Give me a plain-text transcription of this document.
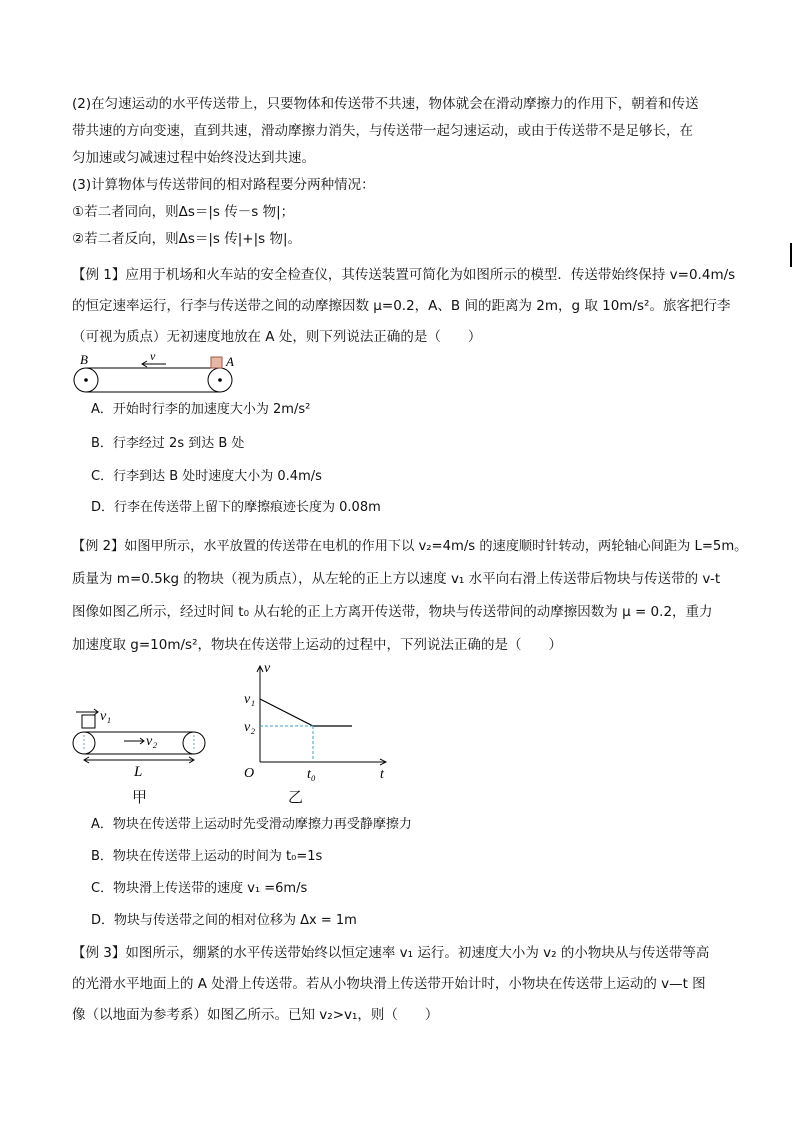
(2)在匀速运动的水平传送带上，只要物体和传送带不共速，物体就会在滑动摩擦力的作用下，朝着和传送

带共速的方向变速，直到共速，滑动摩擦力消失，与传送带一起匀速运动，或由于传送带不是足够长，在

匀加速或匀减速过程中始终没达到共速。

(3)计算物体与传送带间的相对路程要分两种情况：

①若二者同向，则Δs＝|s 传－s 物|；

②若二者反向，则Δs＝|s 传|+|s 物|。

【例 1】应用于机场和火车站的安全检查仪，其传送装置可简化为如图所示的模型．传送带始终保持 v=0.4m/s

的恒定速率运行，行李与传送带之间的动摩擦因数 μ=0.2，A、B 间的距离为 2m，g 取 10m/s²。旅客把行李

（可视为质点）无初速度地放在 A 处，则下列说法正确的是（　　）

B	A
v

A．开始时行李的加速度大小为 2m/s²

B．行李经过 2s 到达 B 处

C．行李到达 B 处时速度大小为 0.4m/s

D．行李在传送带上留下的摩擦痕迹长度为 0.08m

【例 2】如图甲所示，水平放置的传送带在电机的作用下以 v₂=4m/s 的速度顺时针转动，两轮轴心间距为 L=5m。

质量为 m=0.5kg 的物块（视为质点），从左轮的正上方以速度 v₁ 水平向右滑上传送带后物块与传送带的 v-t

图像如图乙所示，经过时间 t₀ 从右轮的正上方离开传送带，物块与传送带间的动摩擦因数为 μ = 0.2，重力

加速度取 g=10m/s²，物块在传送带上运动的过程中，下列说法正确的是（　　）

v₁
v₂
L
甲
v
t
O
v₁
v₂
t₀
乙

A．物块在传送带上运动时先受滑动摩擦力再受静摩擦力

B．物块在传送带上运动的时间为 t₀=1s

C．物块滑上传送带的速度 v₁ =6m/s

D．物块与传送带之间的相对位移为 Δx = 1m

【例 3】如图所示，绷紧的水平传送带始终以恒定速率 v₁ 运行。初速度大小为 v₂ 的小物块从与传送带等高

的光滑水平地面上的 A 处滑上传送带。若从小物块滑上传送带开始计时，小物块在传送带上运动的 v—t 图

像（以地面为参考系）如图乙所示。已知 v₂>v₁，则（　　）
